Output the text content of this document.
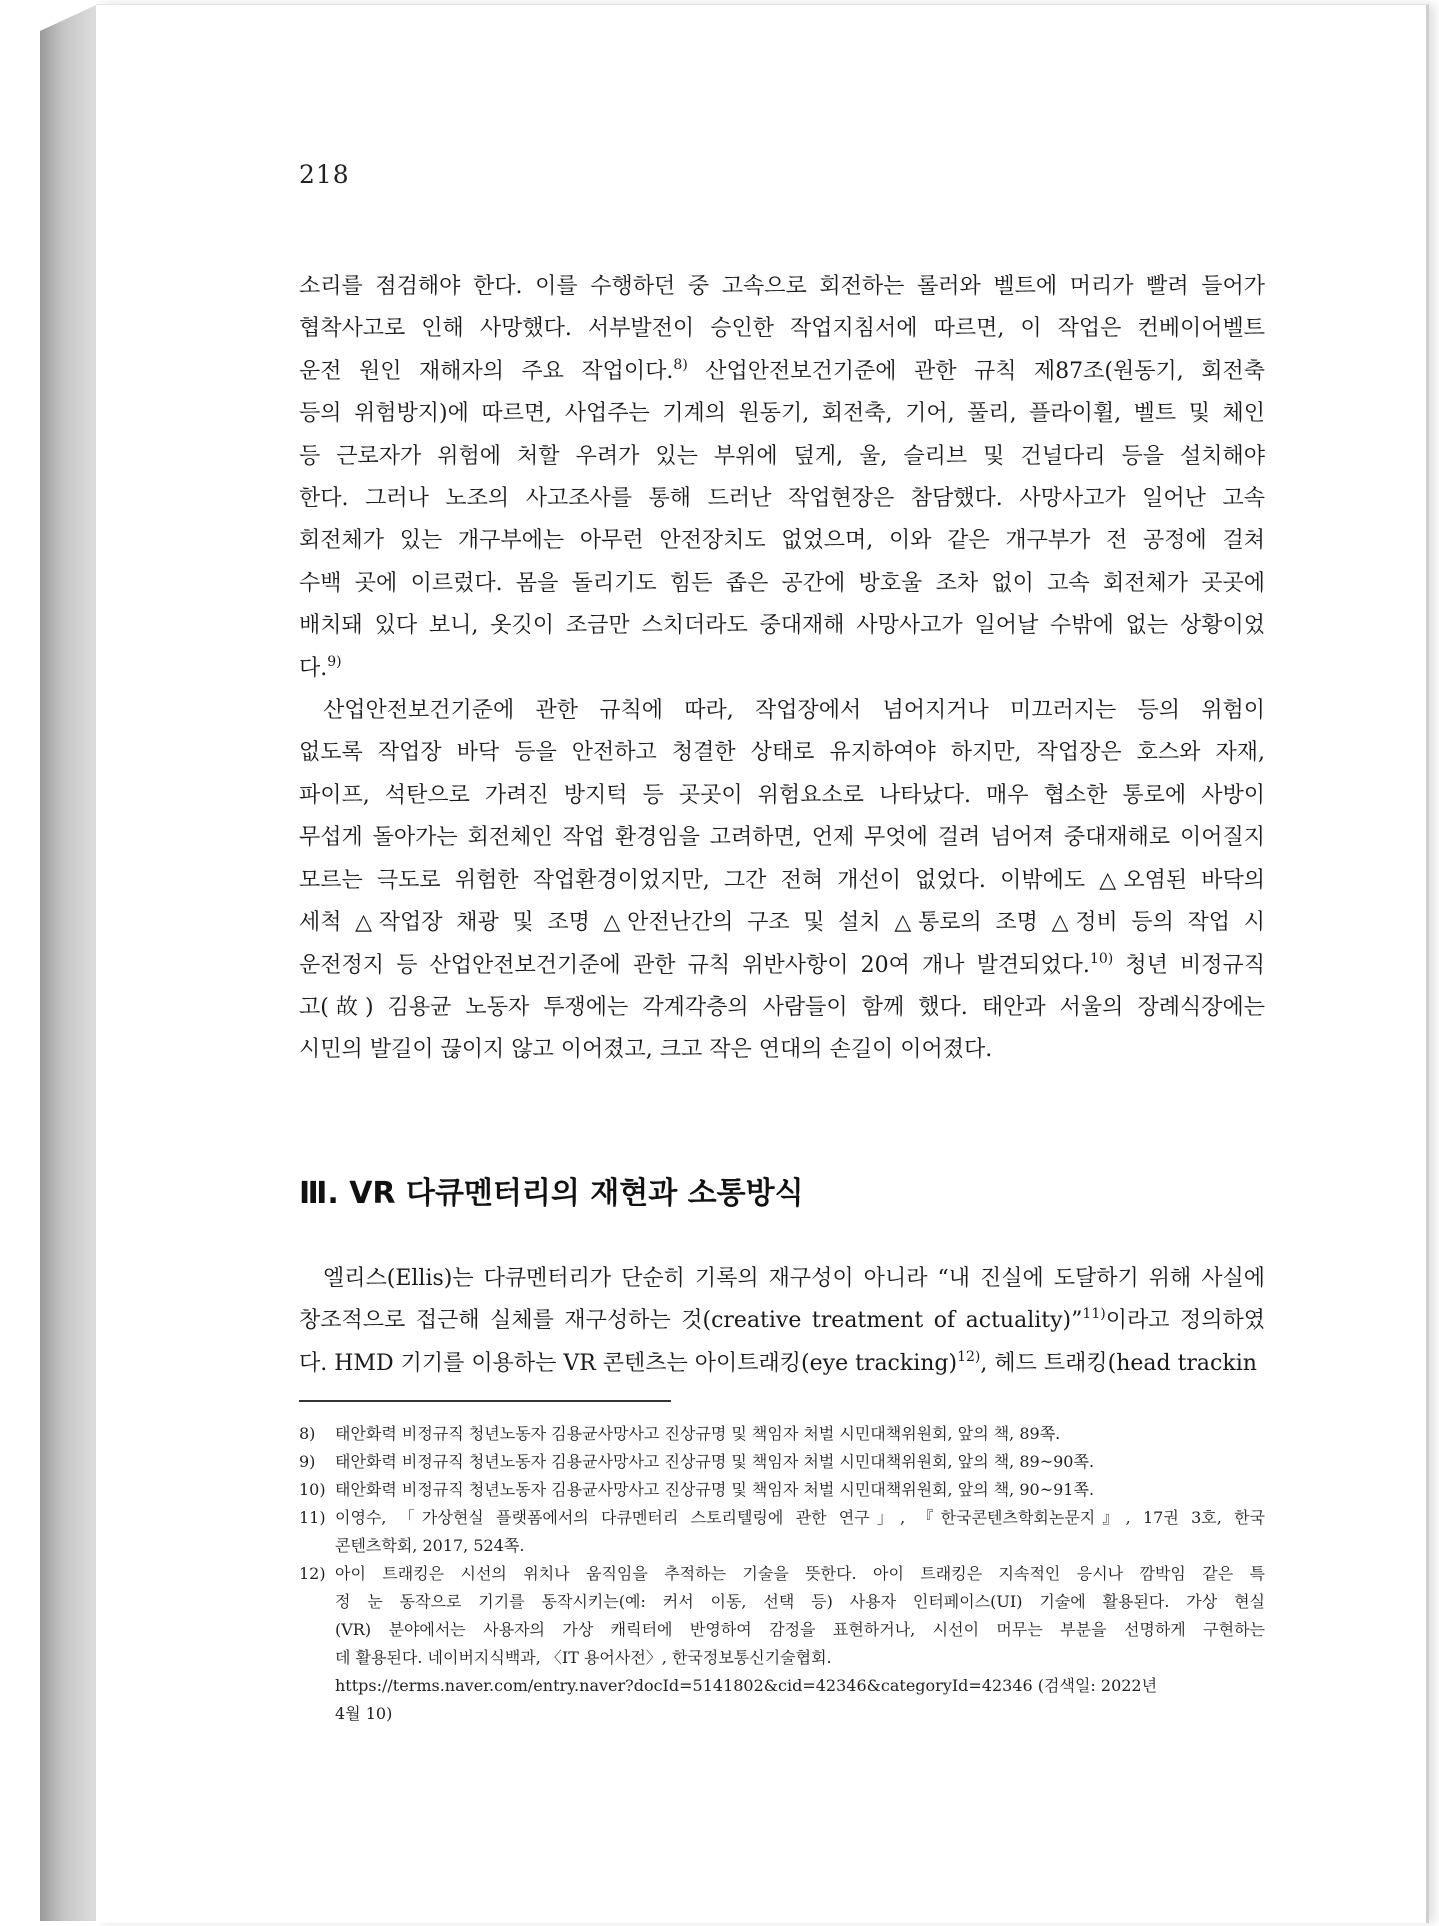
218
소리를 점검해야 한다. 이를 수행하던 중 고속으로 회전하는 롤러와 벨트에 머리가 빨려 들어가
협착사고로 인해 사망했다. 서부발전이 승인한 작업지침서에 따르면, 이 작업은 컨베이어벨트
운전 원인 재해자의 주요 작업이다.$^{8)}$ 산업안전보건기준에 관한 규칙 제87조(원동기, 회전축
등의 위험방지)에 따르면, 사업주는 기계의 원동기, 회전축, 기어, 풀리, 플라이휠, 벨트 및 체인
등 근로자가 위험에 처할 우려가 있는 부위에 덮게, 울, 슬리브 및 건널다리 등을 설치해야
한다. 그러나 노조의 사고조사를 통해 드러난 작업현장은 참담했다. 사망사고가 일어난 고속
회전체가 있는 개구부에는 아무런 안전장치도 없었으며, 이와 같은 개구부가 전 공정에 걸쳐
수백 곳에 이르렀다. 몸을 돌리기도 힘든 좁은 공간에 방호울 조차 없이 고속 회전체가 곳곳에
배치돼 있다 보니, 옷깃이 조금만 스치더라도 중대재해 사망사고가 일어날 수밖에 없는 상황이었
다.$^{9)}$
산업안전보건기준에 관한 규칙에 따라, 작업장에서 넘어지거나 미끄러지는 등의 위험이
없도록 작업장 바닥 등을 안전하고 청결한 상태로 유지하여야 하지만, 작업장은 호스와 자재,
파이프, 석탄으로 가려진 방지턱 등 곳곳이 위험요소로 나타났다. 매우 협소한 통로에 사방이
무섭게 돌아가는 회전체인 작업 환경임을 고려하면, 언제 무엇에 걸려 넘어져 중대재해로 이어질지
모르는 극도로 위험한 작업환경이었지만, 그간 전혀 개선이 없었다. 이밖에도 △오염된 바닥의
세척 △작업장 채광 및 조명 △안전난간의 구조 및 설치 △통로의 조명 △정비 등의 작업 시
운전정지 등 산업안전보건기준에 관한 규칙 위반사항이 20여 개나 발견되었다.$^{10)}$ 청년 비정규직
고(故) 김용균 노동자 투쟁에는 각계각층의 사람들이 함께 했다. 태안과 서울의 장례식장에는
시민의 발길이 끊이지 않고 이어졌고, 크고 작은 연대의 손길이 이어졌다.
Ⅲ. VR 다큐멘터리의 재현과 소통방식
엘리스(Ellis)는 다큐멘터리가 단순히 기록의 재구성이 아니라 “내 진실에 도달하기 위해 사실에
창조적으로 접근해 실체를 재구성하는 것(creative treatment of actuality)”$^{11)}$이라고 정의하였
다. HMD 기기를 이용하는 VR 콘텐츠는 아이트래킹(eye tracking)$^{12)}$, 헤드 트래킹(head trackin
8) 태안화력 비정규직 청년노동자 김용균사망사고 진상규명 및 책임자 처벌 시민대책위원회, 앞의 책, 89쪽.
9) 태안화력 비정규직 청년노동자 김용균사망사고 진상규명 및 책임자 처벌 시민대책위원회, 앞의 책, 89~90쪽.
10) 태안화력 비정규직 청년노동자 김용균사망사고 진상규명 및 책임자 처벌 시민대책위원회, 앞의 책, 90~91쪽.
11) 이영수, 「가상현실 플랫폼에서의 다큐멘터리 스토리텔링에 관한 연구」, 『한국콘텐츠학회논문지』, 17권 3호, 한국
콘텐츠학회, 2017, 524쪽.
12) 아이 트래킹은 시선의 위치나 움직임을 추적하는 기술을 뜻한다. 아이 트래킹은 지속적인 응시나 깜박임 같은 특
정 눈 동작으로 기기를 동작시키는(예: 커서 이동, 선택 등) 사용자 인터페이스(UI) 기술에 활용된다. 가상 현실
(VR) 분야에서는 사용자의 가상 캐릭터에 반영하여 감정을 표현하거나, 시선이 머무는 부분을 선명하게 구현하는
데 활용된다. 네이버지식백과, 〈IT 용어사전〉, 한국정보통신기술협회.
https://terms.naver.com/entry.naver?docId=5141802&cid=42346&categoryId=42346 (검색일: 2022년
4월 10)
